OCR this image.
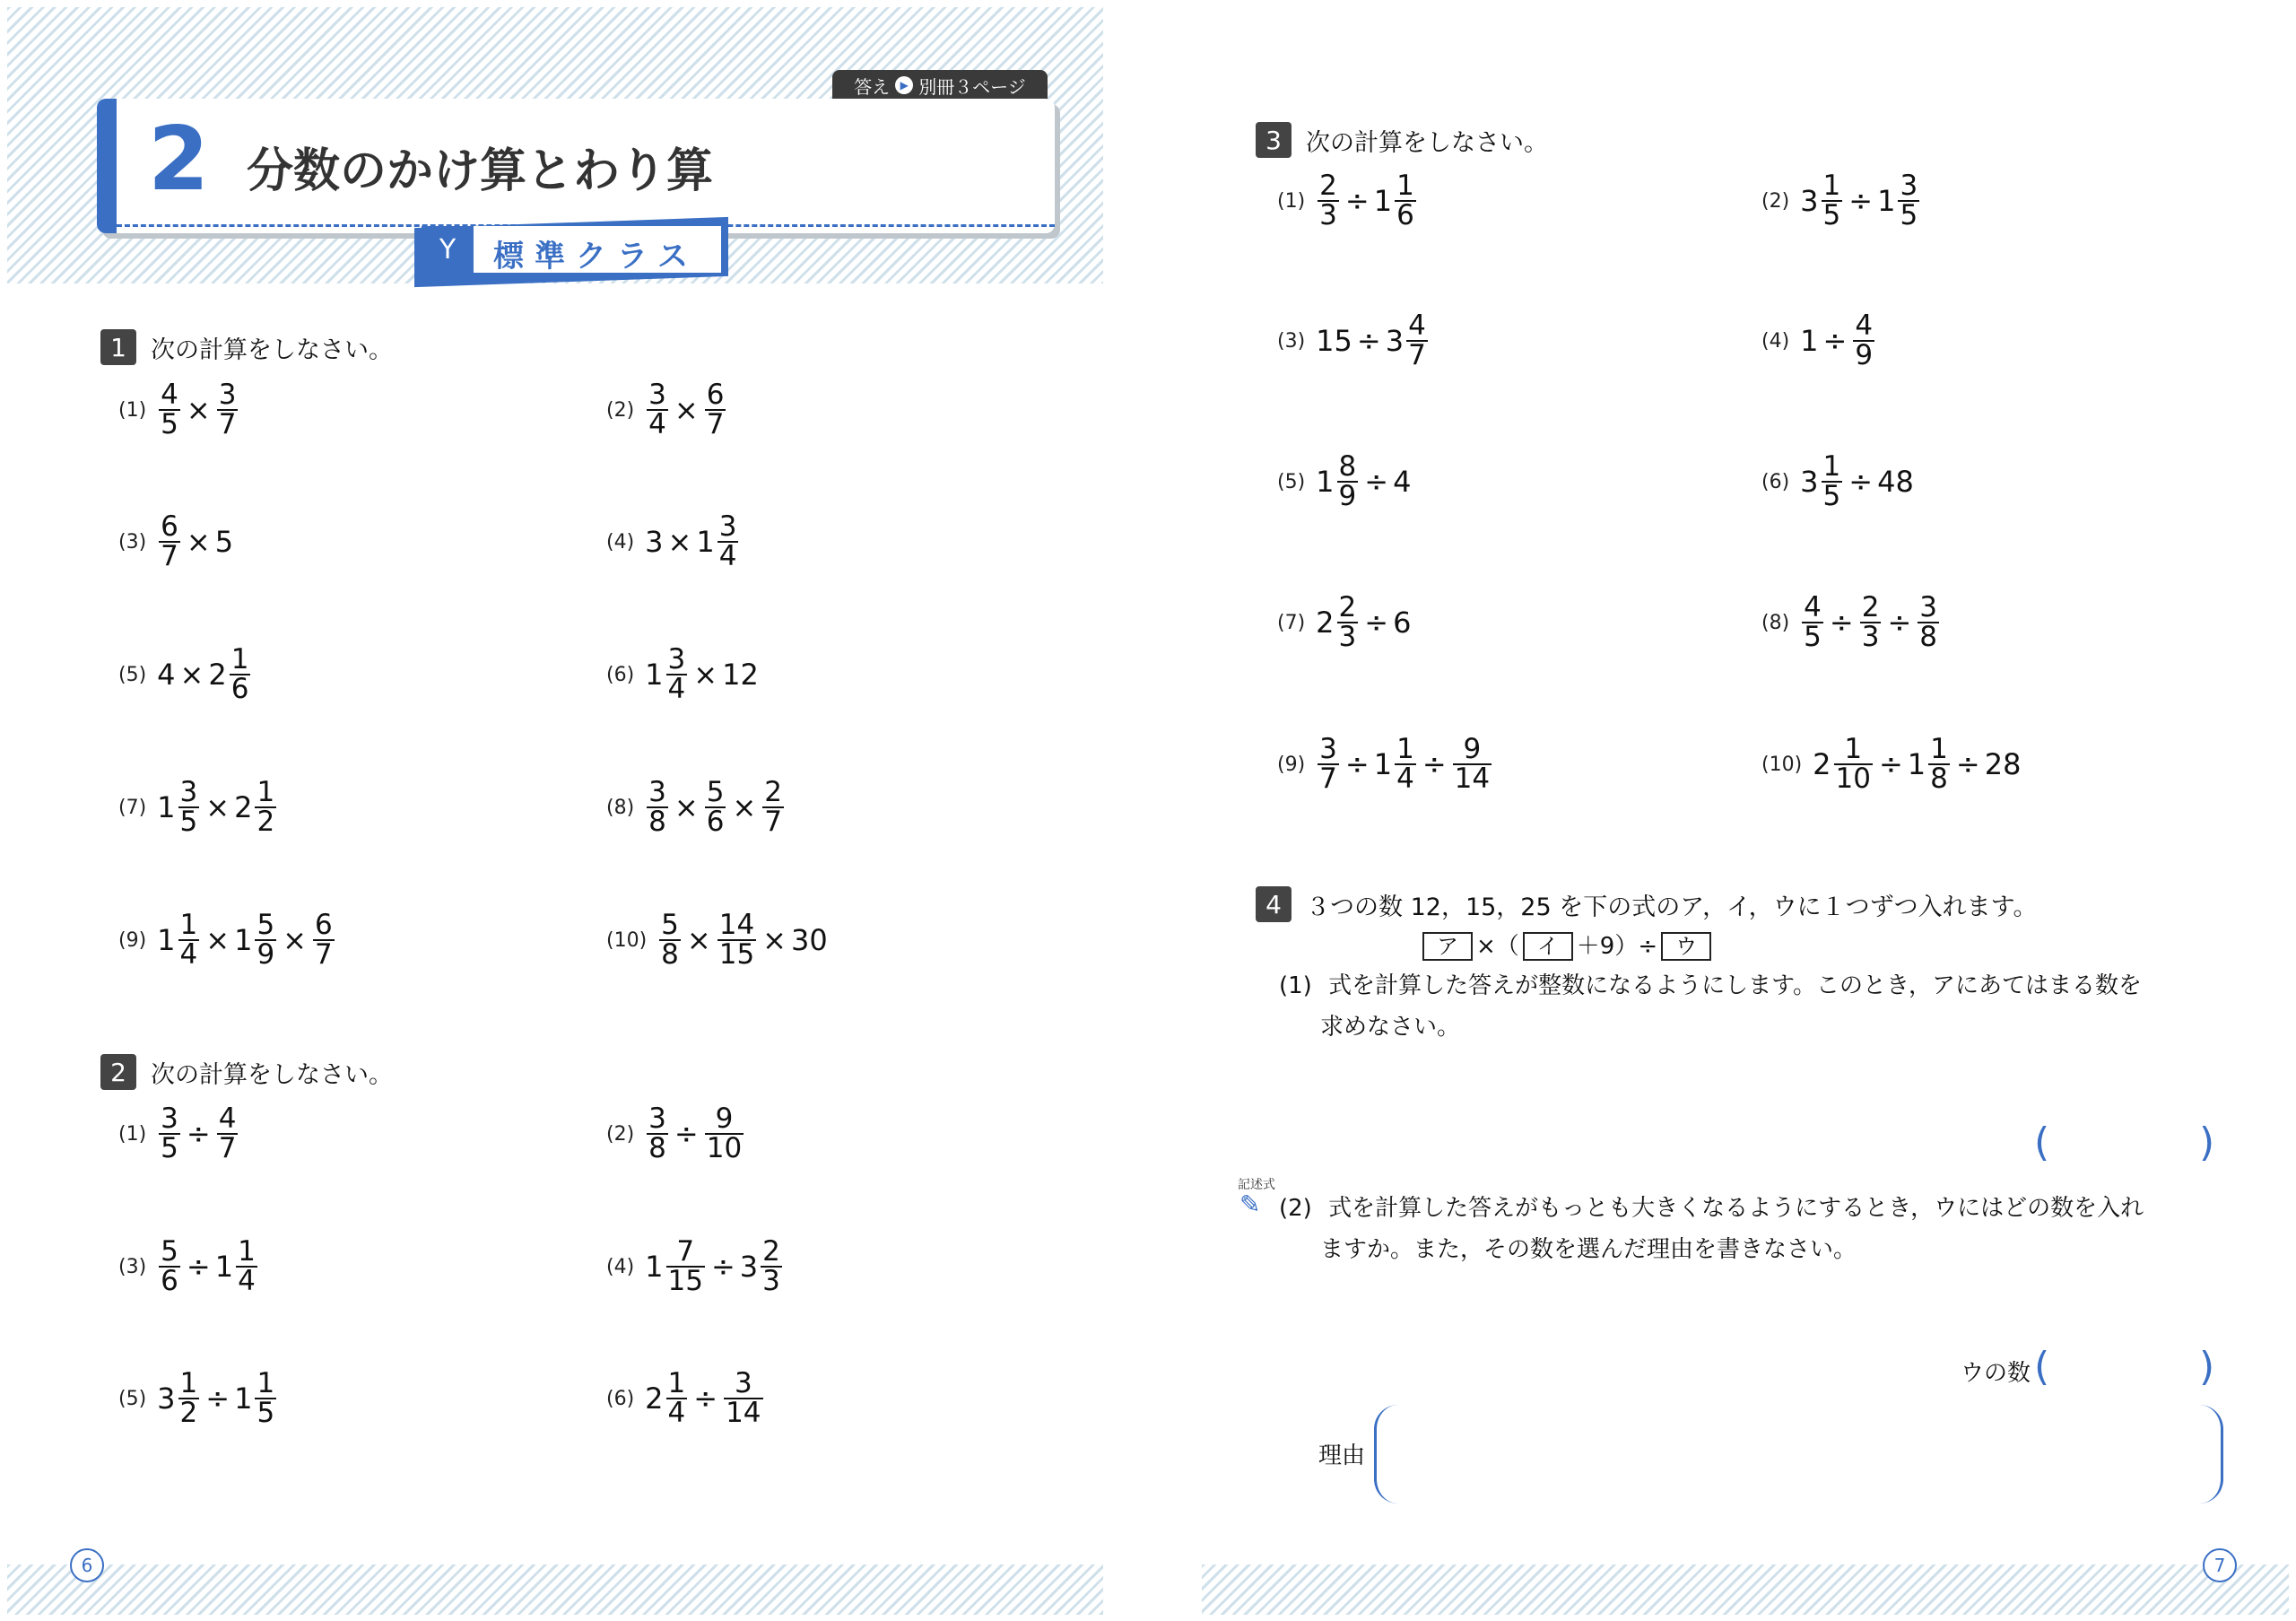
答え ▶ 別冊３ページ
2 分数のかけ算とわり算
Y	標準クラス
1	次の計算をしなさい。
$(1) \frac{4}{5} \times \frac{3}{7}$	$(2) \frac{3}{4} \times \frac{6}{7}$
$(3) \frac{6}{7} \times 5$	(4) $3 \times 1 \frac{3}{4}$
(5) $4 \times 2 \frac{1}{6}$	(6) $1 \frac{3}{4} \times 12$
(7) $1 \frac{3}{5} \times 2 \frac{1}{2}$	$(8) \frac{3}{8} \times \frac{5}{6} \times \frac{2}{7}$
(9) $1 \frac{1}{4} \times 1 \frac{5}{9} \times \frac{6}{7}$	$(10) \frac{5}{8} \times \frac{14}{15} \times 30$
2	次の計算をしなさい。
$(1) \frac{3}{5} \div \frac{4}{7}$	$(2) \frac{3}{8} \div \frac{9}{10}$
$(3) \frac{5}{6} \div 1 \frac{1}{4}$	(4) $1 \frac{7}{15} \div 3 \frac{2}{3}$
(5) $3 \frac{1}{2} \div 1 \frac{1}{5}$	(6) $2 \frac{1}{4} \div \frac{3}{14}$
6
3	次の計算をしなさい。
$(1) \frac{2}{3} \div 1 \frac{1}{6}$	(2) $3 \frac{1}{5} \div 1 \frac{3}{5}$
(3) $15 \div 3 \frac{4}{7}$	(4) $1 \div \frac{4}{9}$
(5) $1 \frac{8}{9} \div 4$	(6) $3 \frac{1}{5} \div 48$
(7) $2 \frac{2}{3} \div 6$	$(8) \frac{4}{5} \div \frac{2}{3} \div \frac{3}{8}$
$(9) \frac{3}{7} \div 1 \frac{1}{4} \div \frac{9}{14}$	(10) $2 \frac{1}{10} \div 1 \frac{1}{8} \div 28$
4	３つの数 12，15，25 を下の式のア，イ，ウに１つずつ入れます。
ア ×（ イ ＋9）÷ ウ
(1) 式を計算した答えが整数になるようにします。このとき，アにあてはまる数を
求めなさい。
(	)
記述式
✎ (2) 式を計算した答えがもっとも大きくなるようにするとき，ウにはどの数を入れ
ますか。また，その数を選んだ理由を書きなさい。
ウの数 (	)
理由
7
